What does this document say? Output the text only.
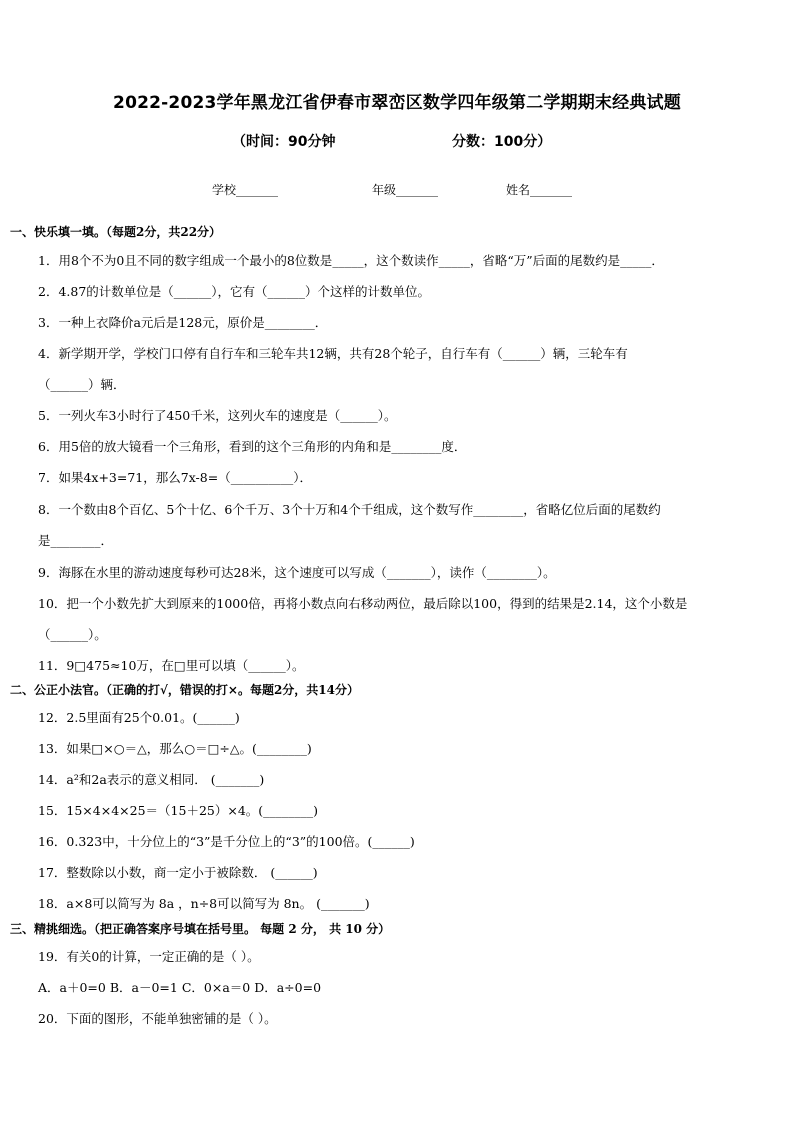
2022-2023学年黑龙江省伊春市翠峦区数学四年级第二学期期末经典试题
（时间：90分钟	分数：100分）
学校_______	年级_______	姓名_______
一、快乐填一填。（每题2分，共22分）
1．用8个不为0且不同的数字组成一个最小的8位数是_____，这个数读作_____，省略“万”后面的尾数约是_____．
2．4.87的计数单位是（______），它有（______）个这样的计数单位。
3．一种上衣降价a元后是128元，原价是________．
4．新学期开学，学校门口停有自行车和三轮车共12辆，共有28个轮子，自行车有（______）辆，三轮车有
（______）辆．
5．一列火车3小时行了450千米，这列火车的速度是（______）。
6．用5倍的放大镜看一个三角形，看到的这个三角形的内角和是________度．
7．如果4x+3=71，那么7x-8=（__________）．
8．一个数由8个百亿、5个十亿、6个千万、3个十万和4个千组成，这个数写作________，省略亿位后面的尾数约
是________．
9．海豚在水里的游动速度每秒可达28米，这个速度可以写成（_______），读作（________）。
10．把一个小数先扩大到原来的1000倍，再将小数点向右移动两位，最后除以100，得到的结果是2.14，这个小数是
（______）。
11．9□475≈10万，在□里可以填（______）。
二、公正小法官。（正确的打√，错误的打×。每题2分，共14分）
12．2.5里面有25个0.01。(______)
13．如果□×○＝△，那么○＝□÷△。(________)
14．a²和2a表示的意义相同． (_______)
15．15×4×4×25＝（15＋25）×4。(________)
16．0.323中，十分位上的“3”是千分位上的“3”的100倍。(______)
17．整数除以小数，商一定小于被除数． (______)
18．a×8可以简写为 8a ，n÷8可以简写为 8n。 (_______)
三、精挑细选。（把正确答案序号填在括号里。 每题 2 分， 共 10 分）
19．有关0的计算，一定正确的是（ ）。
A．a＋0=0 B．a－0=1 C．0×a＝0 D．a÷0=0
20．下面的图形，不能单独密铺的是（ ）。
